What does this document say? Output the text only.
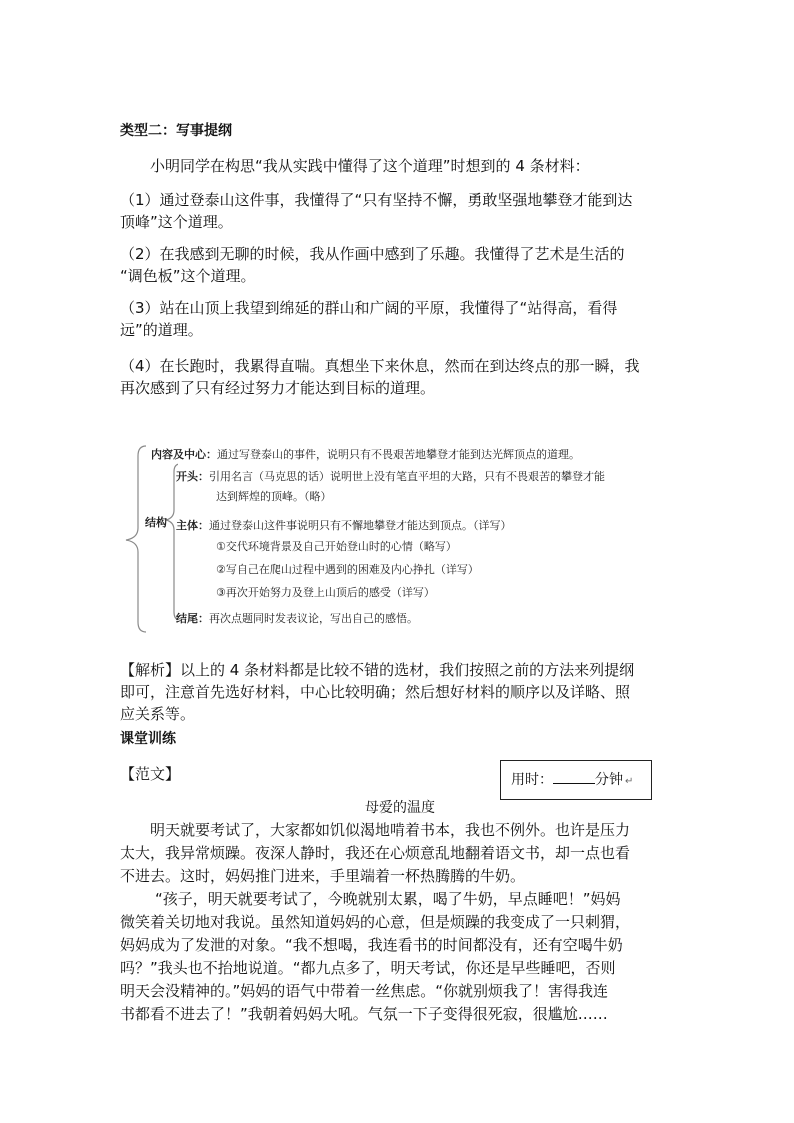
类型二：写事提纲
小明同学在构思“我从实践中懂得了这个道理”时想到的 4 条材料：
（1）通过登泰山这件事，我懂得了“只有坚持不懈，勇敢坚强地攀登才能到达
顶峰”这个道理。
（2）在我感到无聊的时候，我从作画中感到了乐趣。我懂得了艺术是生活的
“调色板”这个道理。
（3）站在山顶上我望到绵延的群山和广阔的平原，我懂得了“站得高，看得
远”的道理。
（4）在长跑时，我累得直喘。真想坐下来休息，然而在到达终点的那一瞬，我
再次感到了只有经过努力才能达到目标的道理。
内容及中心：通过写登泰山的事件，说明只有不畏艰苦地攀登才能到达光辉顶点的道理。
开头：引用名言（马克思的话）说明世上没有笔直平坦的大路，只有不畏艰苦的攀登才能
达到辉煌的顶峰。（略）
结构 主体：通过登泰山这件事说明只有不懈地攀登才能达到顶点。（详写）
①交代环境背景及自己开始登山时的心情（略写）
②写自己在爬山过程中遇到的困难及内心挣扎（详写）
③再次开始努力及登上山顶后的感受（详写）
结尾：再次点题同时发表议论，写出自己的感悟。
【解析】以上的 4 条材料都是比较不错的选材，我们按照之前的方法来列提纲
即可，注意首先选好材料，中心比较明确；然后想好材料的顺序以及详略、照
应关系等。
课堂训练
【范文】	用时：	分钟 ↵
母爱的温度
明天就要考试了，大家都如饥似渴地啃着书本，我也不例外。也许是压力
太大，我异常烦躁。夜深人静时，我还在心烦意乱地翻着语文书，却一点也看
不进去。这时，妈妈推门进来，手里端着一杯热腾腾的牛奶。
“孩子，明天就要考试了，今晚就别太累，喝了牛奶，早点睡吧！”妈妈
微笑着关切地对我说。虽然知道妈妈的心意，但是烦躁的我变成了一只刺猬，
妈妈成为了发泄的对象。“我不想喝，我连看书的时间都没有，还有空喝牛奶
吗？”我头也不抬地说道。“都九点多了，明天考试，你还是早些睡吧，否则
明天会没精神的。”妈妈的语气中带着一丝焦虑。“你就别烦我了！害得我连
书都看不进去了！”我朝着妈妈大吼。气氛一下子变得很死寂，很尴尬……
